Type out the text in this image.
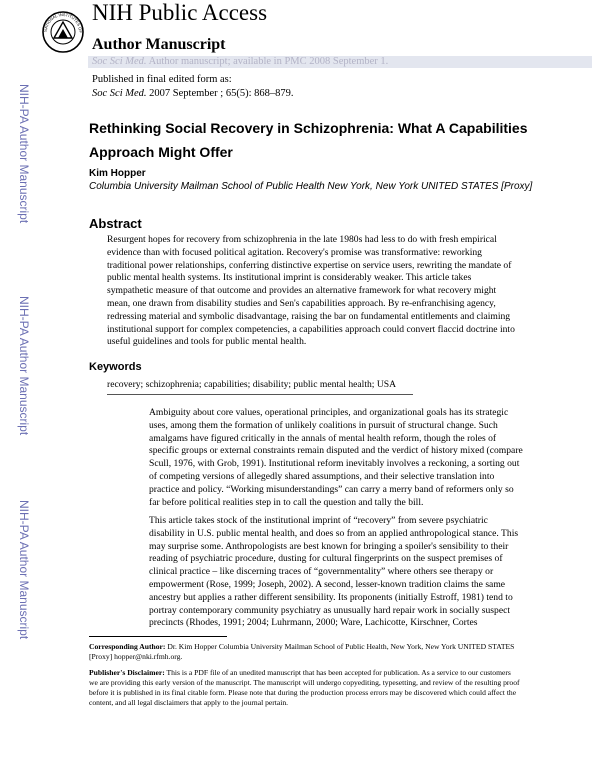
NATIONAL INSTITUTES OF
NIH Public Access
Author Manuscript
Soc Sci Med. Author manuscript; available in PMC 2008 September 1.
Published in final edited form as:
Soc Sci Med. 2007 September ; 65(5): 868–879.
NIH-PA Author Manuscript
NIH-PA Author Manuscript
NIH-PA Author Manuscript
Rethinking Social Recovery in Schizophrenia: What A Capabilities Approach Might Offer
Kim Hopper
Columbia University Mailman School of Public Health New York, New York UNITED STATES [Proxy]
Abstract
Resurgent hopes for recovery from schizophrenia in the late 1980s had less to do with fresh empirical evidence than with focused political agitation. Recovery's promise was transformative: reworking traditional power relationships, conferring distinctive expertise on service users, rewriting the mandate of public mental health systems. Its institutional imprint is considerably weaker. This article takes sympathetic measure of that outcome and provides an alternative framework for what recovery might mean, one drawn from disability studies and Sen's capabilities approach. By re-enfranchising agency, redressing material and symbolic disadvantage, raising the bar on fundamental entitlements and claiming institutional support for complex competencies, a capabilities approach could convert flaccid doctrine into useful guidelines and tools for public mental health.
Keywords
recovery; schizophrenia; capabilities; disability; public mental health; USA
Ambiguity about core values, operational principles, and organizational goals has its strategic uses, among them the formation of unlikely coalitions in pursuit of structural change. Such amalgams have figured critically in the annals of mental health reform, though the roles of specific groups or external constraints remain disputed and the verdict of history mixed (compare Scull, 1976, with Grob, 1991). Institutional reform inevitably involves a reckoning, a sorting out of competing versions of allegedly shared assumptions, and their selective translation into practice and policy. “Working misunderstandings” can carry a merry band of reformers only so far before political realities step in to call the question and tally the bill.
This article takes stock of the institutional imprint of “recovery” from severe psychiatric disability in U.S. public mental health, and does so from an applied anthropological stance. This may surprise some. Anthropologists are best known for bringing a spoiler's sensibility to their reading of psychiatric procedure, dusting for cultural fingerprints on the suspect premises of clinical practice – like discerning traces of “governmentality” where others see therapy or empowerment (Rose, 1999; Joseph, 2002). A second, lesser-known tradition claims the same ancestry but applies a rather different sensibility. Its proponents (initially Estroff, 1981) tend to portray contemporary community psychiatry as unusually hard repair work in socially suspect precincts (Rhodes, 1991; 2004; Luhrmann, 2000; Ware, Lachicotte, Kirschner, Cortes
Corresponding Author: Dr. Kim Hopper Columbia University Mailman School of Public Health, New York, New York UNITED STATES [Proxy] hopper@nki.rfmh.org.
Publisher's Disclaimer: This is a PDF file of an unedited manuscript that has been accepted for publication. As a service to our customers we are providing this early version of the manuscript. The manuscript will undergo copyediting, typesetting, and review of the resulting proof before it is published in its final citable form. Please note that during the production process errors may be discovered which could affect the content, and all legal disclaimers that apply to the journal pertain.
